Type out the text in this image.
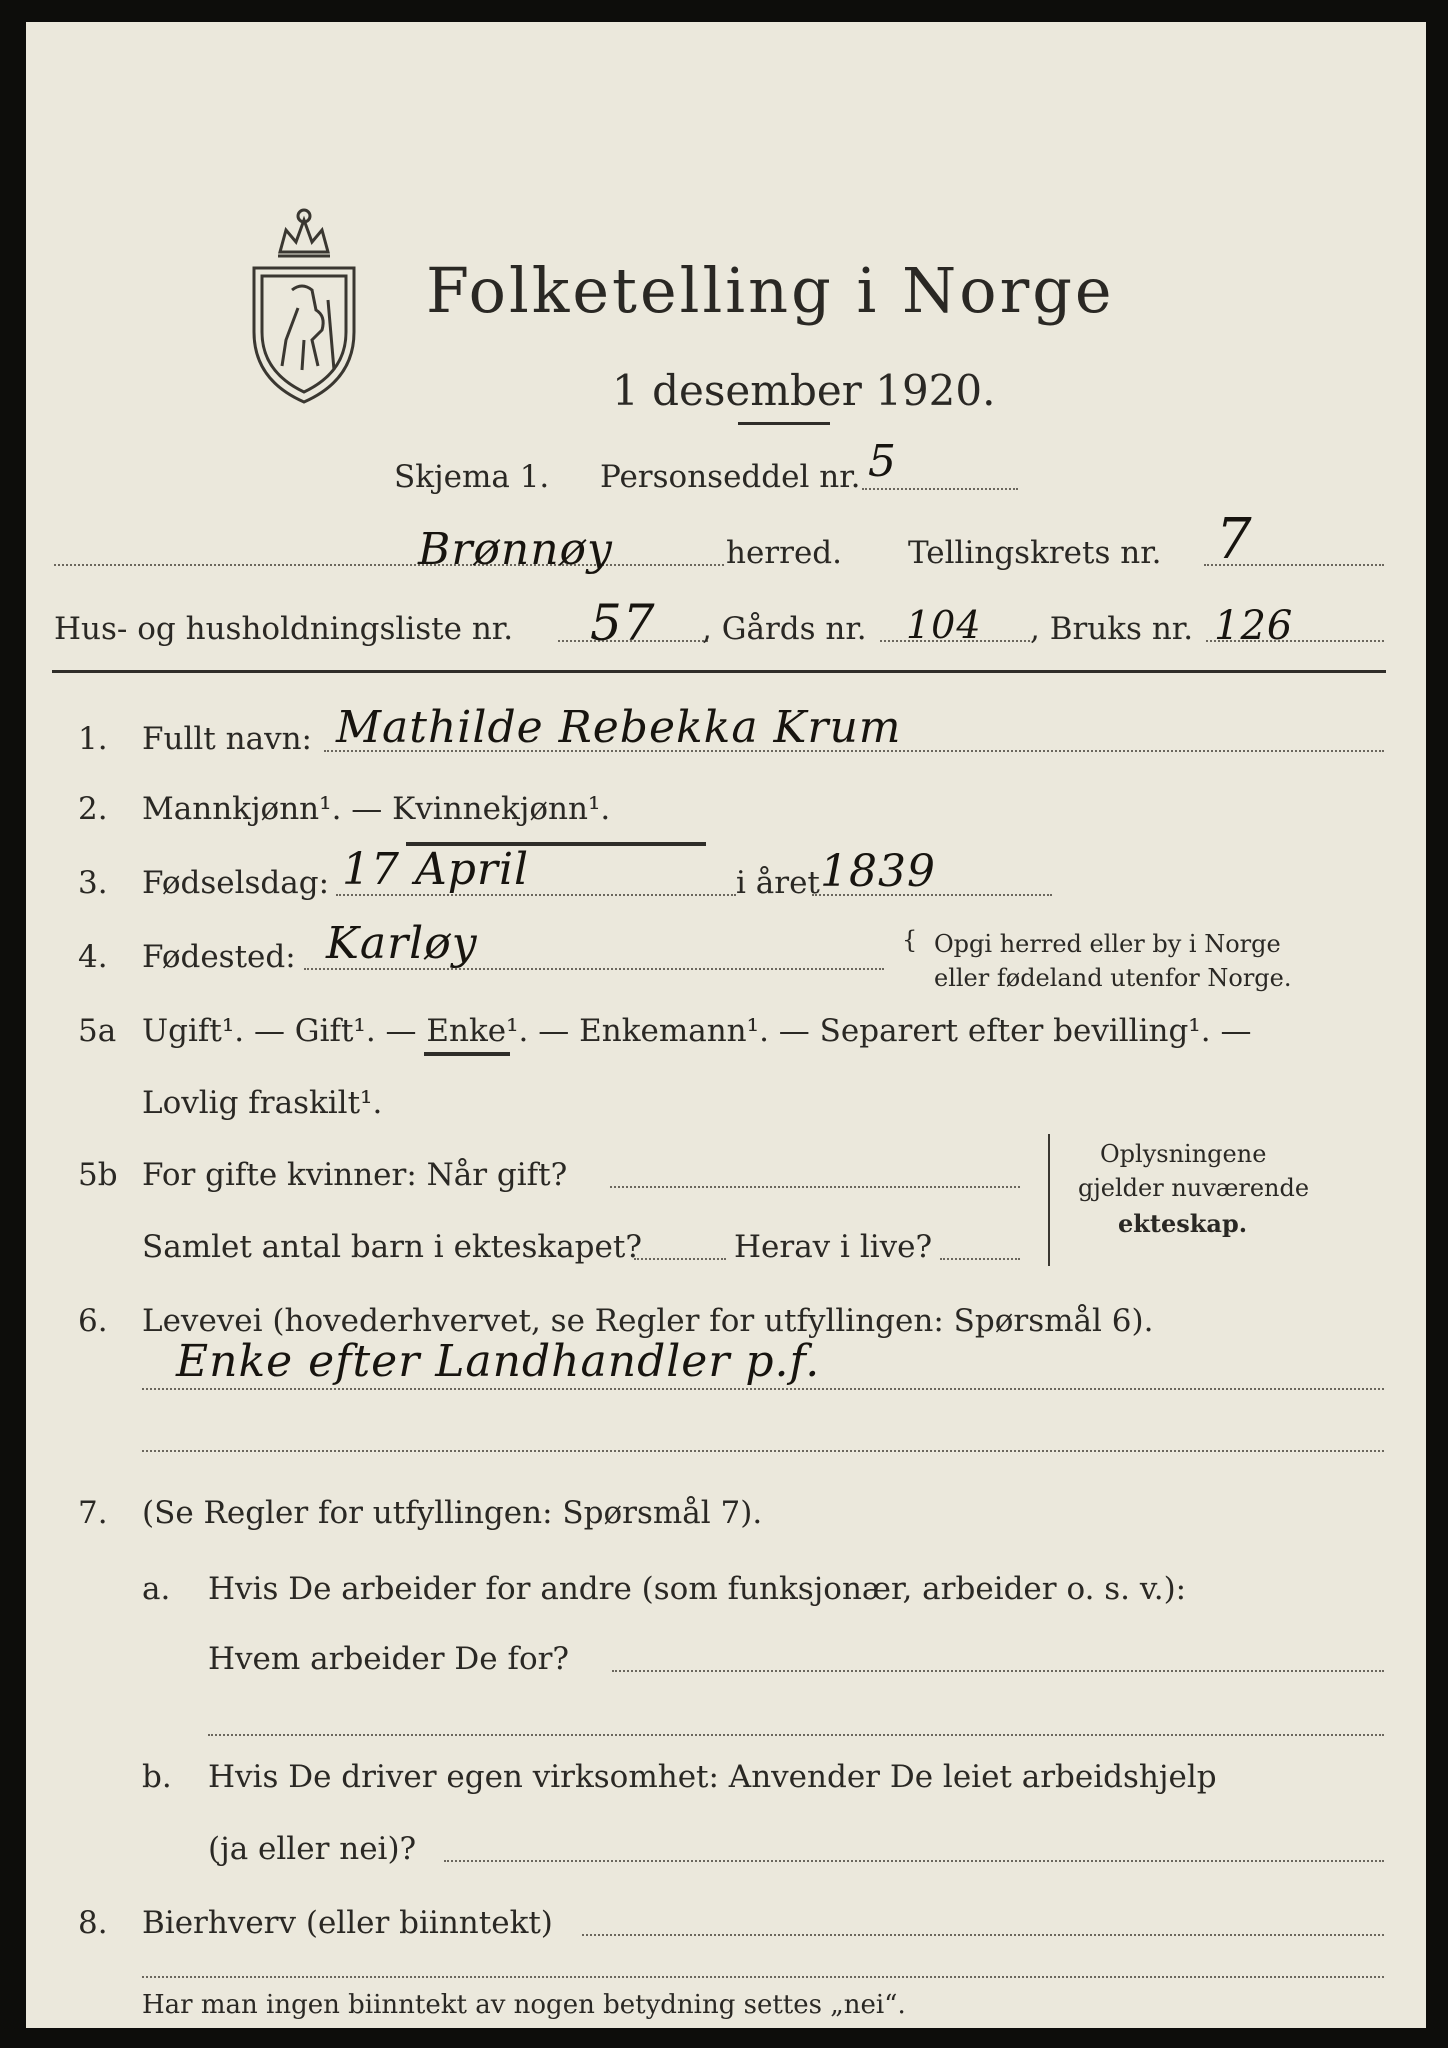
Folketelling i Norge
1 desember 1920.
Skjema 1. Personseddel nr. 5
Brønnøy	herred. Tellingskrets nr. 7
Hus- og husholdningsliste nr. 57 , Gårds nr. 104 , Bruks nr. 126
1. Fullt navn: Mathilde Rebekka Krum
2. Mannkjønn¹. — Kvinnekjønn¹.
3. Fødselsdag: 17 April	i året 1839
4. Fødested: Karløy	{ Opgi herred eller by i Norge
eller fødeland utenfor Norge.
5a Ugift¹. — Gift¹. — Enke¹. — Enkemann¹. — Separert efter bevilling¹. —
Lovlig fraskilt¹.
5b For gifte kvinner: Når gift?
Samlet antal barn i ekteskapet?	Herav i live?
Oplysningene
gjelder nuværende
ekteskap.
6. Levevei (hovederhvervet, se Regler for utfyllingen: Spørsmål 6).
Enke efter Landhandler p.f.
7. (Se Regler for utfyllingen: Spørsmål 7).
a. Hvis De arbeider for andre (som funksjonær, arbeider o. s. v.):
Hvem arbeider De for?
b. Hvis De driver egen virksomhet: Anvender De leiet arbeidshjelp
(ja eller nei)?
8. Bierhverv (eller biinntekt)
Har man ingen biinntekt av nogen betydning settes „nei“.
